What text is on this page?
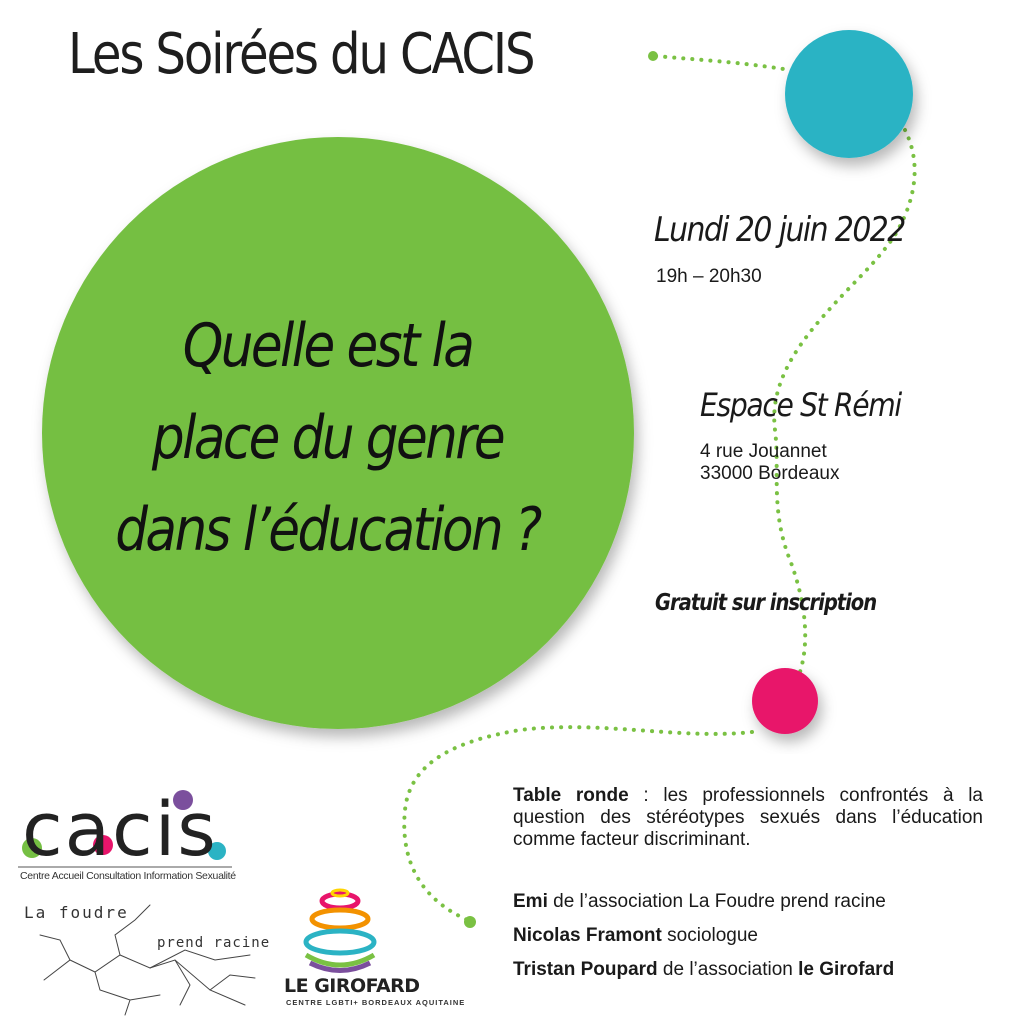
Les Soirées du CACIS
Quelle est la
place du genre
dans l’éducation ?
Lundi 20 juin 2022
19h – 20h30
Espace St Rémi
4 rue Jouannet
33000 Bordeaux
Gratuit sur inscription
Table ronde : les professionnels confrontés à la question des stéréotypes sexués dans l’éducation comme facteur discriminant.
Emi de l’association La Foudre prend racine
Nicolas Framont sociologue
Tristan Poupard de l’association le Girofard
cacis
Centre Accueil Consultation Information Sexualité
La foudre
prend racine
LE GIROFARD
CENTRE LGBTI+ BORDEAUX AQUITAINE
